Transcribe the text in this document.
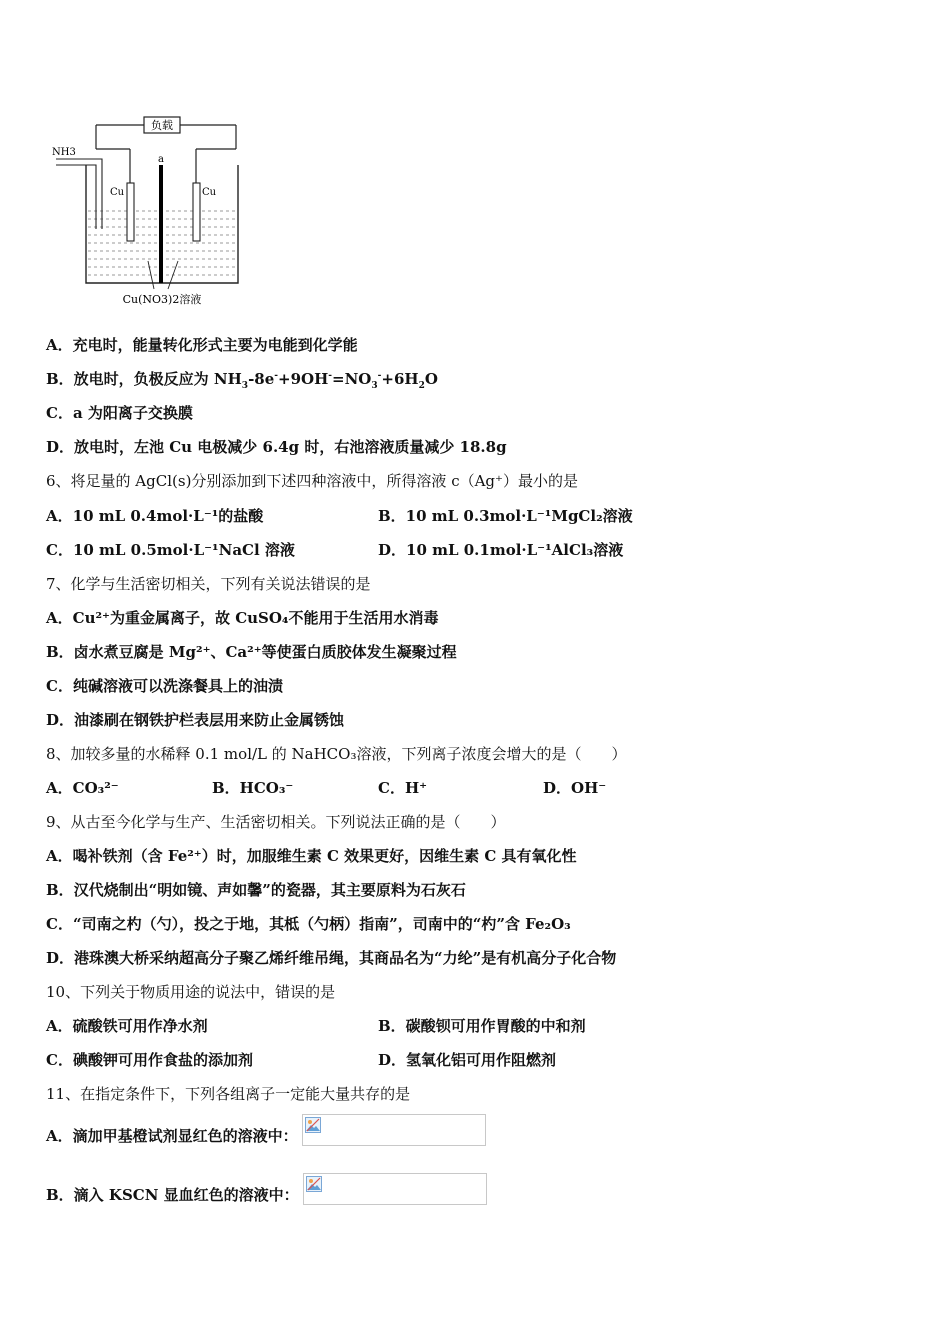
负载
NH3
a
Cu	Cu
Cu(NO3)2溶液
A．充电时，能量转化形式主要为电能到化学能
B．放电时，负极反应为 $NH_3-8e^-+9OH^-=NO_3^-+6H_2O$
C．a 为阳离子交换膜
D．放电时，左池 Cu 电极减少 6.4g 时，右池溶液质量减少 18.8g
6、将足量的 AgCl(s)分别添加到下述四种溶液中，所得溶液 c（Ag⁺）最小的是
A．10 mL 0.4mol·L⁻¹的盐酸	B．10 mL 0.3mol·L⁻¹MgCl₂溶液
C．10 mL 0.5mol·L⁻¹NaCl 溶液	D．10 mL 0.1mol·L⁻¹AlCl₃溶液
7、化学与生活密切相关，下列有关说法错误的是
A．Cu²⁺为重金属离子，故 CuSO₄不能用于生活用水消毒
B．卤水煮豆腐是 Mg²⁺、Ca²⁺等使蛋白质胶体发生凝聚过程
C．纯碱溶液可以洗涤餐具上的油渍
D．油漆刷在钢铁护栏表层用来防止金属锈蚀
8、加较多量的水稀释 0.1 mol/L 的 NaHCO₃溶液，下列离子浓度会增大的是（　　）
A．CO₃²⁻	B．HCO₃⁻	C．H⁺	D．OH⁻
9、从古至今化学与生产、生活密切相关。下列说法正确的是（　　）
A．喝补铁剂（含 Fe²⁺）时，加服维生素 C 效果更好，因维生素 C 具有氧化性
B．汉代烧制出“明如镜、声如馨”的瓷器，其主要原料为石灰石
C．“司南之杓（勺），投之于地，其柢（勺柄）指南”，司南中的“杓”含 Fe₂O₃
D．港珠澳大桥采纳超高分子聚乙烯纤维吊绳，其商品名为“力纶”是有机高分子化合物
10、下列关于物质用途的说法中，错误的是
A．硫酸铁可用作净水剂	B．碳酸钡可用作胃酸的中和剂
C．碘酸钾可用作食盐的添加剂	D．氢氧化铝可用作阻燃剂
11、在指定条件下，下列各组离子一定能大量共存的是
A．滴加甲基橙试剂显红色的溶液中：
B．滴入 KSCN 显血红色的溶液中：
